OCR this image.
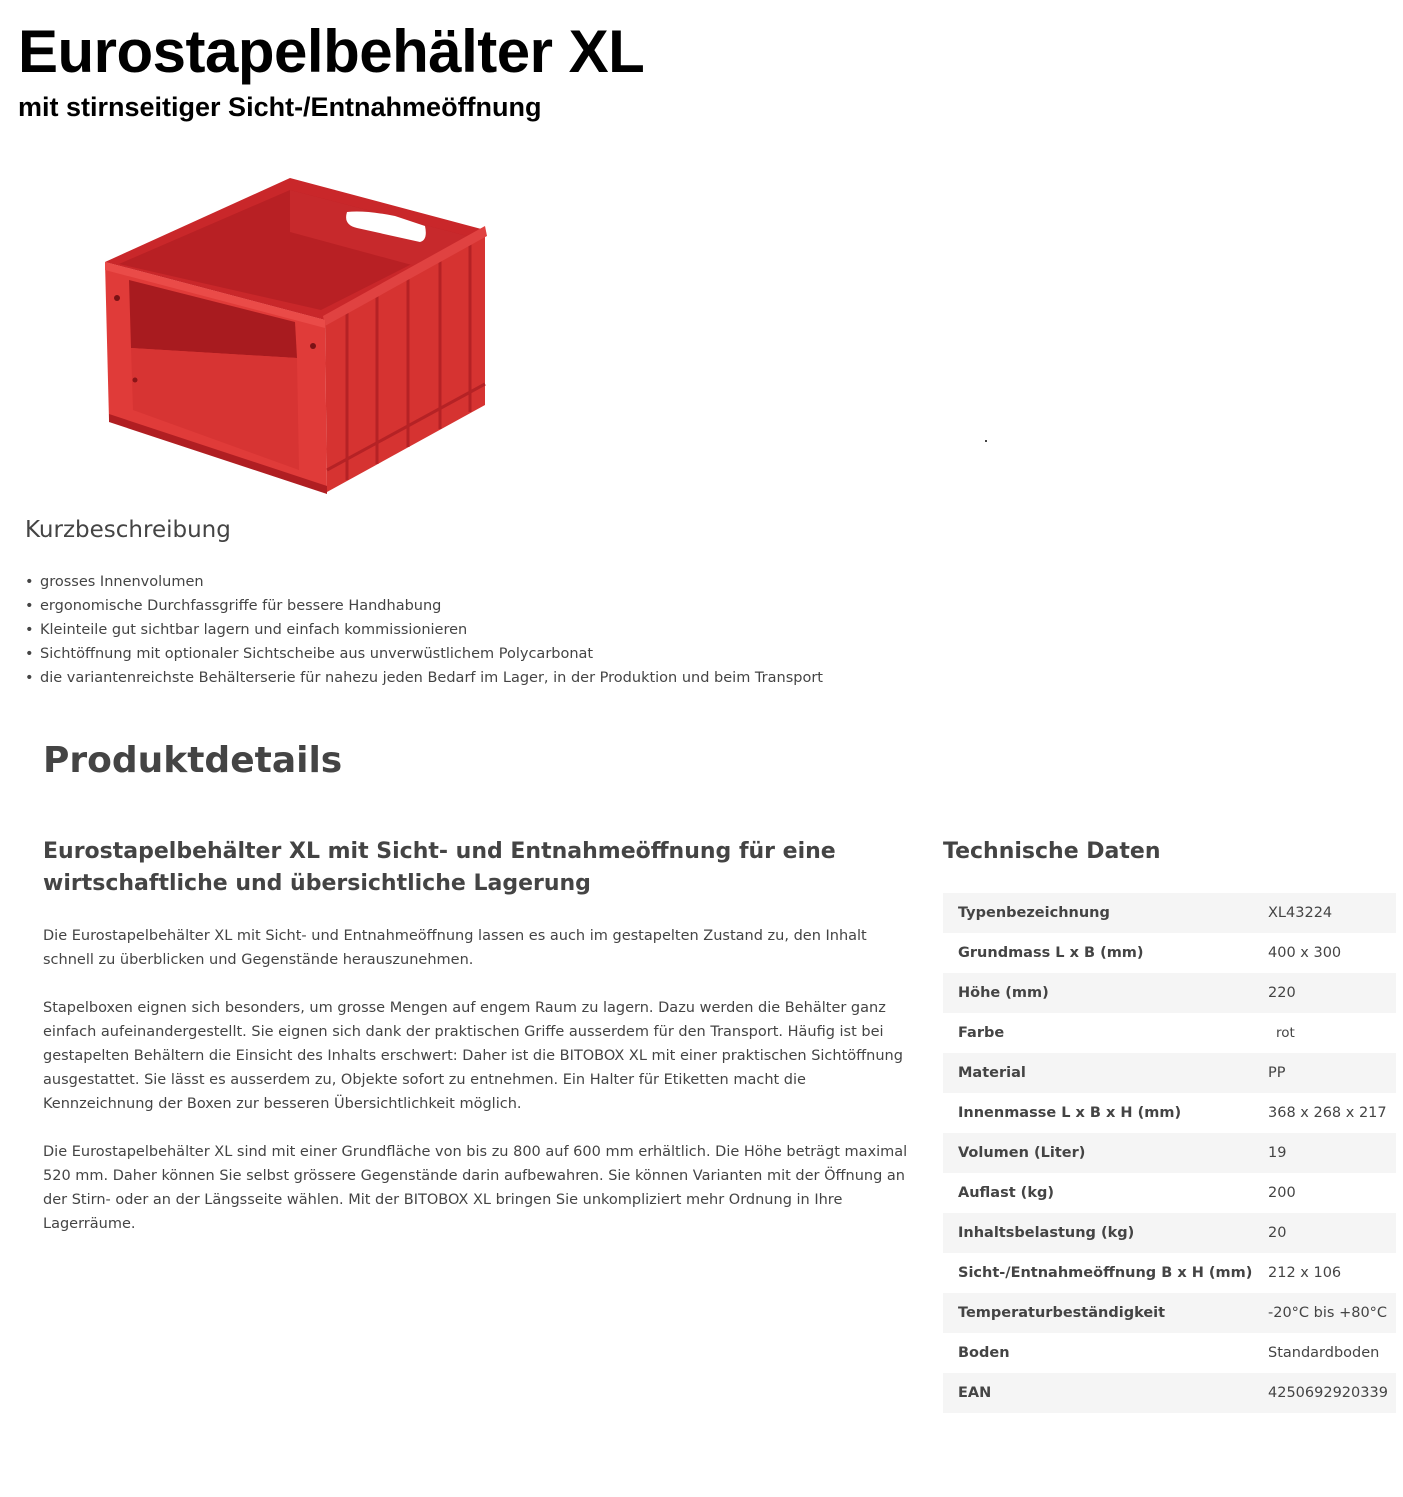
Eurostapelbehälter XL
mit stirnseitiger Sicht-/Entnahmeöffnung
Kurzbeschreibung
• grosses Innenvolumen
• ergonomische Durchfassgriffe für bessere Handhabung
• Kleinteile gut sichtbar lagern und einfach kommissionieren
• Sichtöffnung mit optionaler Sichtscheibe aus unverwüstlichem Polycarbonat
• die variantenreichste Behälterserie für nahezu jeden Bedarf im Lager, in der Produktion und beim Transport
Produktdetails
Eurostapelbehälter XL mit Sicht- und Entnahmeöffnung für eine wirtschaftliche und übersichtliche Lagerung
Die Eurostapelbehälter XL mit Sicht- und Entnahmeöffnung lassen es auch im gestapelten Zustand zu, den Inhalt schnell zu überblicken und Gegenstände herauszunehmen.
Stapelboxen eignen sich besonders, um grosse Mengen auf engem Raum zu lagern. Dazu werden die Behälter ganz einfach aufeinandergestellt. Sie eignen sich dank der praktischen Griffe ausserdem für den Transport. Häufig ist bei gestapelten Behältern die Einsicht des Inhalts erschwert: Daher ist die BITOBOX XL mit einer praktischen Sichtöffnung ausgestattet. Sie lässt es ausserdem zu, Objekte sofort zu entnehmen. Ein Halter für Etiketten macht die Kennzeichnung der Boxen zur besseren Übersichtlichkeit möglich.
Die Eurostapelbehälter XL sind mit einer Grundfläche von bis zu 800 auf 600 mm erhältlich. Die Höhe beträgt maximal 520 mm. Daher können Sie selbst grössere Gegenstände darin aufbewahren. Sie können Varianten mit der Öffnung an der Stirn- oder an der Längsseite wählen. Mit der BITOBOX XL bringen Sie unkompliziert mehr Ordnung in Ihre Lagerräume.
Technische Daten
Typenbezeichnung	XL43224
Grundmass L x B (mm)	400 x 300
Höhe (mm)	220
Farbe	rot
Material	PP
Innenmasse L x B x H (mm)	368 x 268 x 217
Volumen (Liter)	19
Auflast (kg)	200
Inhaltsbelastung (kg)	20
Sicht-/Entnahmeöffnung B x H (mm)	212 x 106
Temperaturbeständigkeit	-20°C bis +80°C
Boden	Standardboden
EAN	4250692920339
